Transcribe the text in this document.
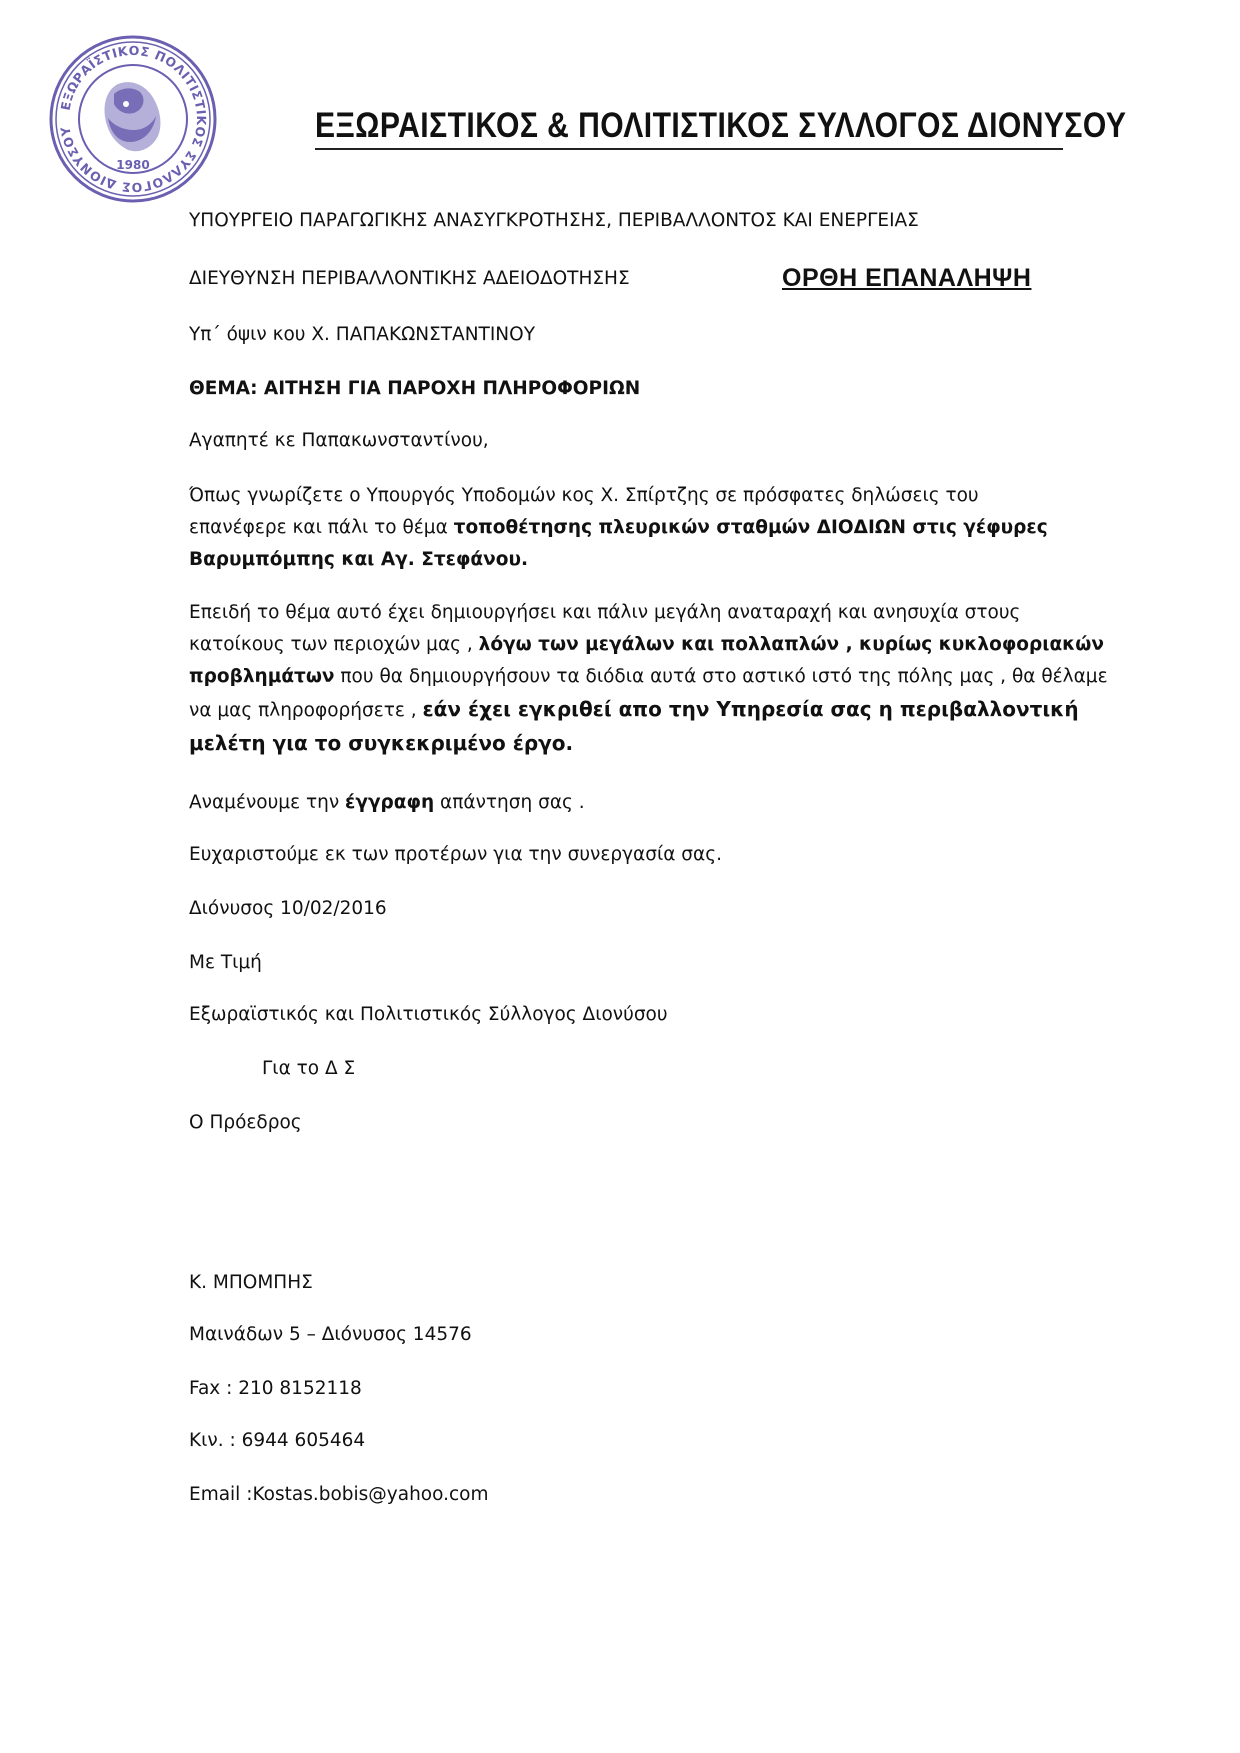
ΕΞΩΡΑΪΣΤΙΚΟΣ ΠΟΛΙΤΙΣΤΙΚΟΣ ΣΥΛΛΟΓΟΣ ΔΙΟΝΥΣΟΥ
1980
ΕΞΩΡΑΙΣΤΙΚΟΣ & ΠΟΛΙΤΙΣΤΙΚΟΣ ΣΥΛΛΟΓΟΣ ΔΙΟΝΥΣΟΥ
ΥΠΟΥΡΓΕΙΟ ΠΑΡΑΓΩΓΙΚΗΣ ΑΝΑΣΥΓΚΡΟΤΗΣΗΣ, ΠΕΡΙΒΑΛΛΟΝΤΟΣ ΚΑΙ ΕΝΕΡΓΕΙΑΣ
ΔΙΕΥΘΥΝΣΗ ΠΕΡΙΒΑΛΛΟΝΤΙΚΗΣ ΑΔΕΙΟΔΟΤΗΣΗΣ	ΟΡΘΗ ΕΠΑΝΑΛΗΨΗ
Υπ΄ όψιν κου Χ. ΠΑΠΑΚΩΝΣΤΑΝΤΙΝΟΥ
ΘΕΜΑ: ΑΙΤΗΣΗ ΓΙΑ ΠΑΡΟΧΗ ΠΛΗΡΟΦΟΡΙΩΝ
Αγαπητέ κε Παπακωνσταντίνου,
Όπως γνωρίζετε ο Υπουργός Υποδομών κος Χ. Σπίρτζης σε πρόσφατες δηλώσεις του
επανέφερε και πάλι το θέμα τοποθέτησης πλευρικών σταθμών ΔΙΟΔΙΩΝ στις γέφυρες
Βαρυμπόμπης και Αγ. Στεφάνου.
Επειδή το θέμα αυτό έχει δημιουργήσει και πάλιν μεγάλη αναταραχή και ανησυχία στους
κατοίκους των περιοχών μας , λόγω των μεγάλων και πολλαπλών , κυρίως κυκλοφοριακών
προβλημάτων που θα δημιουργήσουν τα διόδια αυτά στο αστικό ιστό της πόλης μας , θα θέλαμε
να μας πληροφορήσετε , εάν έχει εγκριθεί απο την Υπηρεσία σας η περιβαλλοντική
μελέτη για το συγκεκριμένο έργο.
Αναμένουμε την έγγραφη απάντηση σας .
Ευχαριστούμε εκ των προτέρων για την συνεργασία σας.
Διόνυσος 10/02/2016
Με Τιμή
Εξωραϊστικός και Πολιτιστικός Σύλλογος Διονύσου
Για το Δ Σ
Ο Πρόεδρος
Κ. ΜΠΟΜΠΗΣ
Μαινάδων 5 – Διόνυσος 14576
Fax : 210 8152118
Κιν. : 6944 605464
Email :Kostas.bobis@yahoo.com
